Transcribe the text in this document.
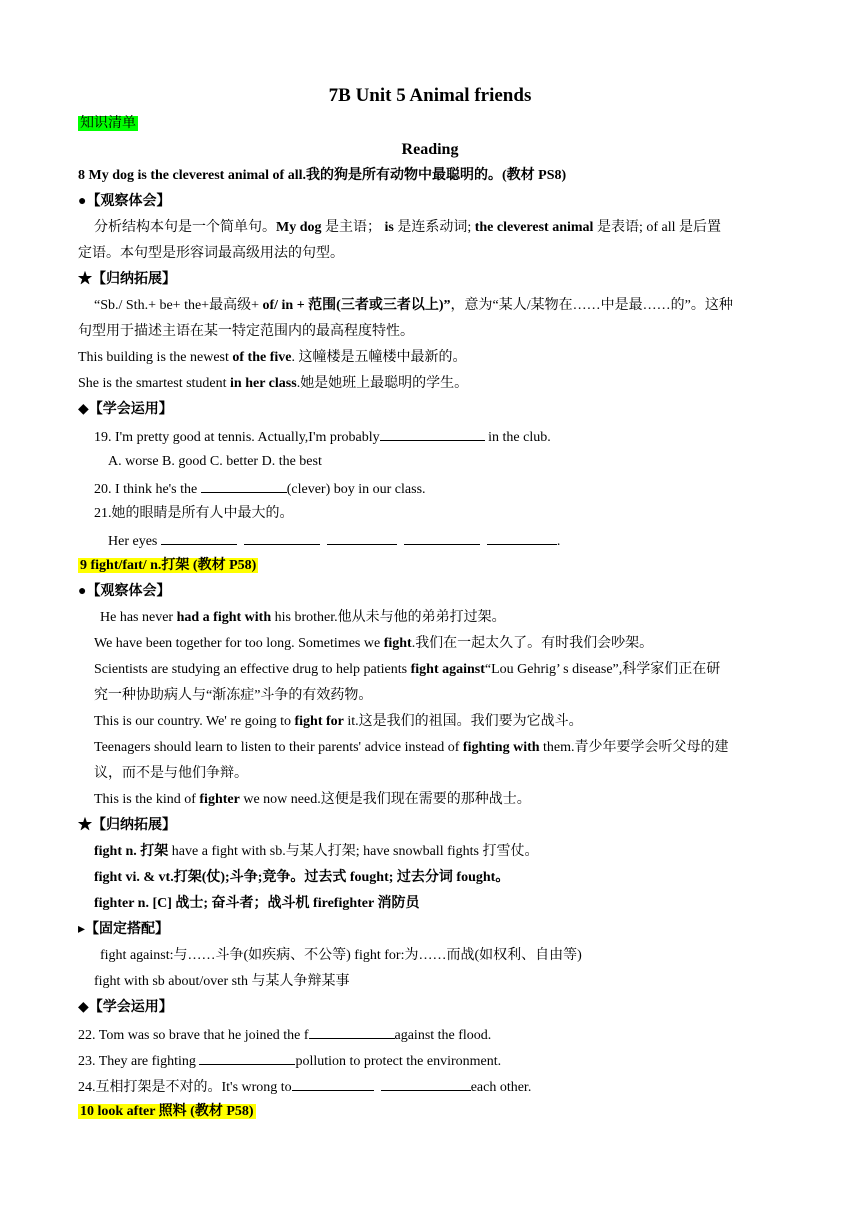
7B Unit 5 Animal friends
知识清单
Reading
8 My dog is the cleverest animal of all.我的狗是所有动物中最聪明的。(教材 PS8)
●【观察体会】
分析结构本句是一个简单句。My dog 是主语； is 是连系动词; the cleverest animal 是表语; of all 是后置
定语。本句型是形容词最高级用法的句型。
★【归纳拓展】
“Sb./ Sth.+ be+ the+最高级+ of/ in + 范围(三者或三者以上)”，意为“某人/某物在……中是最……的”。这种
句型用于描述主语在某一特定范围内的最高程度特性。
This building is the newest of the five. 这幢楼是五幢楼中最新的。
She is the smartest student in her class.她是她班上最聪明的学生。
◆【学会运用】
19. I'm pretty good at tennis. Actually,I'm probably	in the club.
A. worse B. good C. better D. the best
20. I think he's the	(clever) boy in our class.
21.她的眼睛是所有人中最大的。
Her eyes	.
9 fight/faɪt/ n.打架 (教材 P58)
●【观察体会】
He has never had a fight with his brother.他从未与他的弟弟打过架。
We have been together for too long. Sometimes we fight.我们在一起太久了。有时我们会吵架。
Scientists are studying an effective drug to help patients fight against“Lou Gehrig’ s disease”,科学家们正在研
究一种协助病人与“渐冻症”斗争的有效药物。
This is our country. We' re going to fight for it.这是我们的祖国。我们要为它战斗。
Teenagers should learn to listen to their parents' advice instead of fighting with them.青少年要学会听父母的建
议，而不是与他们争辩。
This is the kind of fighter we now need.这便是我们现在需要的那种战士。
★【归纳拓展】
fight n. 打架 have a fight with sb.与某人打架; have snowball fights 打雪仗。
fight vi. & vt.打架(仗);斗争;竞争。过去式 fought; 过去分词 fought。
fighter n. [C] 战士; 奋斗者；战斗机 firefighter 消防员
▸【固定搭配】
fight against:与……斗争(如疾病、不公等) fight for:为……而战(如权利、自由等)
fight with sb about/over sth 与某人争辩某事
◆【学会运用】
22. Tom was so brave that he joined the f	against the flood.
23. They are fighting	pollution to protect the environment.
24.互相打架是不对的。It's wrong to	each other.
10 look after 照料 (教材 P58)
